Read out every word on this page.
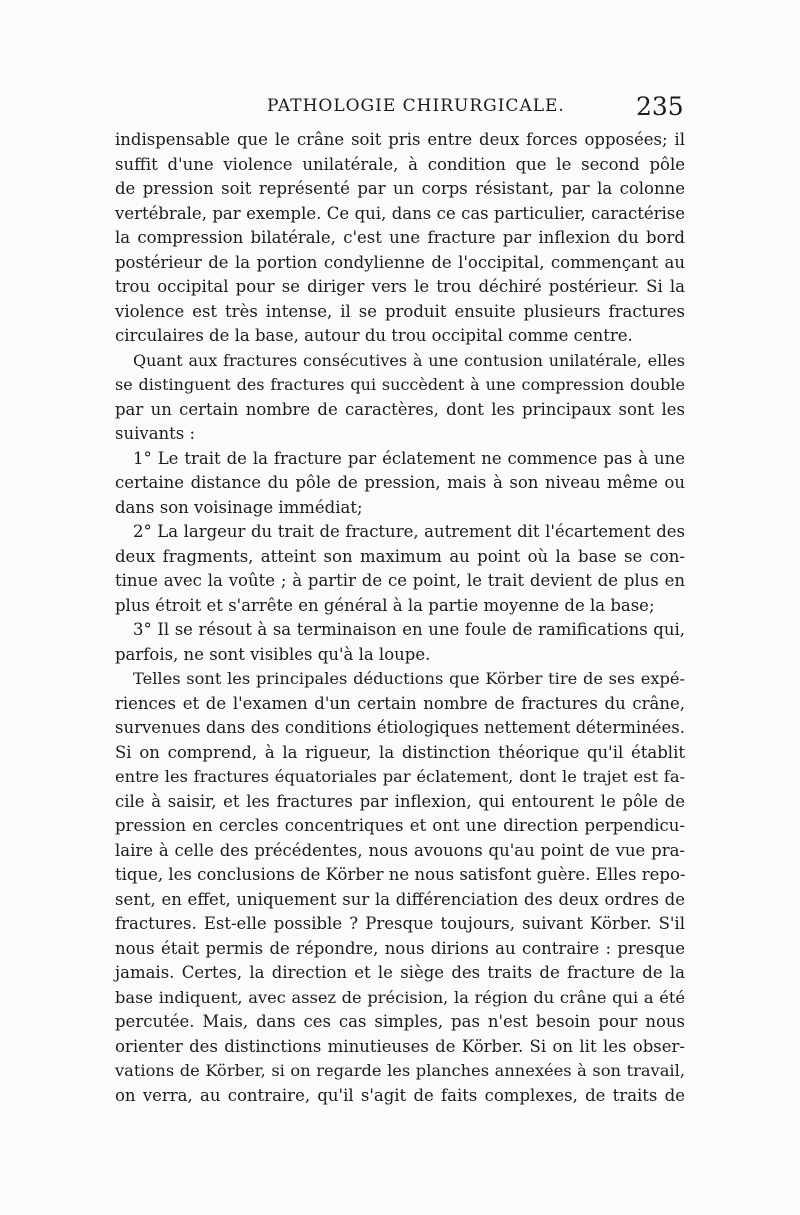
PATHOLOGIE CHIRURGICALE.	235
indispensable que le crâne soit pris entre deux forces opposées; il
suffit d'une violence unilatérale, à condition que le second pôle
de pression soit représenté par un corps résistant, par la colonne
vertébrale, par exemple. Ce qui, dans ce cas particulier, caractérise
la compression bilatérale, c'est une fracture par inflexion du bord
postérieur de la portion condylienne de l'occipital, commençant au
trou occipital pour se diriger vers le trou déchiré postérieur. Si la
violence est très intense, il se produit ensuite plusieurs fractures
circulaires de la base, autour du trou occipital comme centre.
Quant aux fractures consécutives à une contusion unilatérale, elles
se distinguent des fractures qui succèdent à une compression double
par un certain nombre de caractères, dont les principaux sont les
suivants :
1° Le trait de la fracture par éclatement ne commence pas à une
certaine distance du pôle de pression, mais à son niveau même ou
dans son voisinage immédiat;
2° La largeur du trait de fracture, autrement dit l'écartement des
deux fragments, atteint son maximum au point où la base se con-
tinue avec la voûte ; à partir de ce point, le trait devient de plus en
plus étroit et s'arrête en général à la partie moyenne de la base;
3° Il se résout à sa terminaison en une foule de ramifications qui,
parfois, ne sont visibles qu'à la loupe.
Telles sont les principales déductions que Körber tire de ses expé-
riences et de l'examen d'un certain nombre de fractures du crâne,
survenues dans des conditions étiologiques nettement déterminées.
Si on comprend, à la rigueur, la distinction théorique qu'il établit
entre les fractures équatoriales par éclatement, dont le trajet est fa-
cile à saisir, et les fractures par inflexion, qui entourent le pôle de
pression en cercles concentriques et ont une direction perpendicu-
laire à celle des précédentes, nous avouons qu'au point de vue pra-
tique, les conclusions de Körber ne nous satisfont guère. Elles repo-
sent, en effet, uniquement sur la différenciation des deux ordres de
fractures. Est-elle possible ? Presque toujours, suivant Körber. S'il
nous était permis de répondre, nous dirions au contraire : presque
jamais. Certes, la direction et le siège des traits de fracture de la
base indiquent, avec assez de précision, la région du crâne qui a été
percutée. Mais, dans ces cas simples, pas n'est besoin pour nous
orienter des distinctions minutieuses de Körber. Si on lit les obser-
vations de Körber, si on regarde les planches annexées à son travail,
on verra, au contraire, qu'il s'agit de faits complexes, de traits de
